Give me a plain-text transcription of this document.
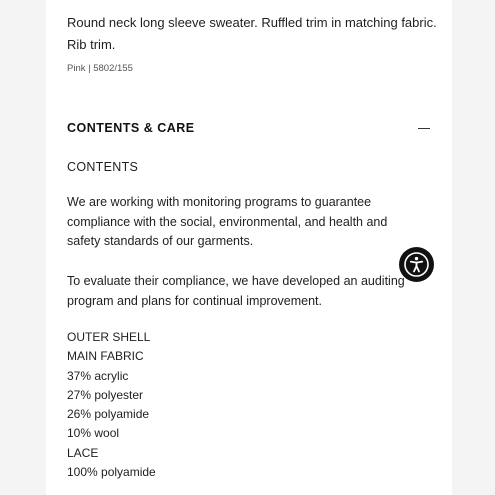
Round neck long sleeve sweater. Ruffled trim in matching fabric. Rib trim.
Pink | 5802/155
CONTENTS & CARE
CONTENTS
We are working with monitoring programs to guarantee compliance with the social, environmental, and health and safety standards of our garments.
To evaluate their compliance, we have developed an auditing program and plans for continual improvement.
OUTER SHELL
MAIN FABRIC
37% acrylic
27% polyester
26% polyamide
10% wool
LACE
100% polyamide
